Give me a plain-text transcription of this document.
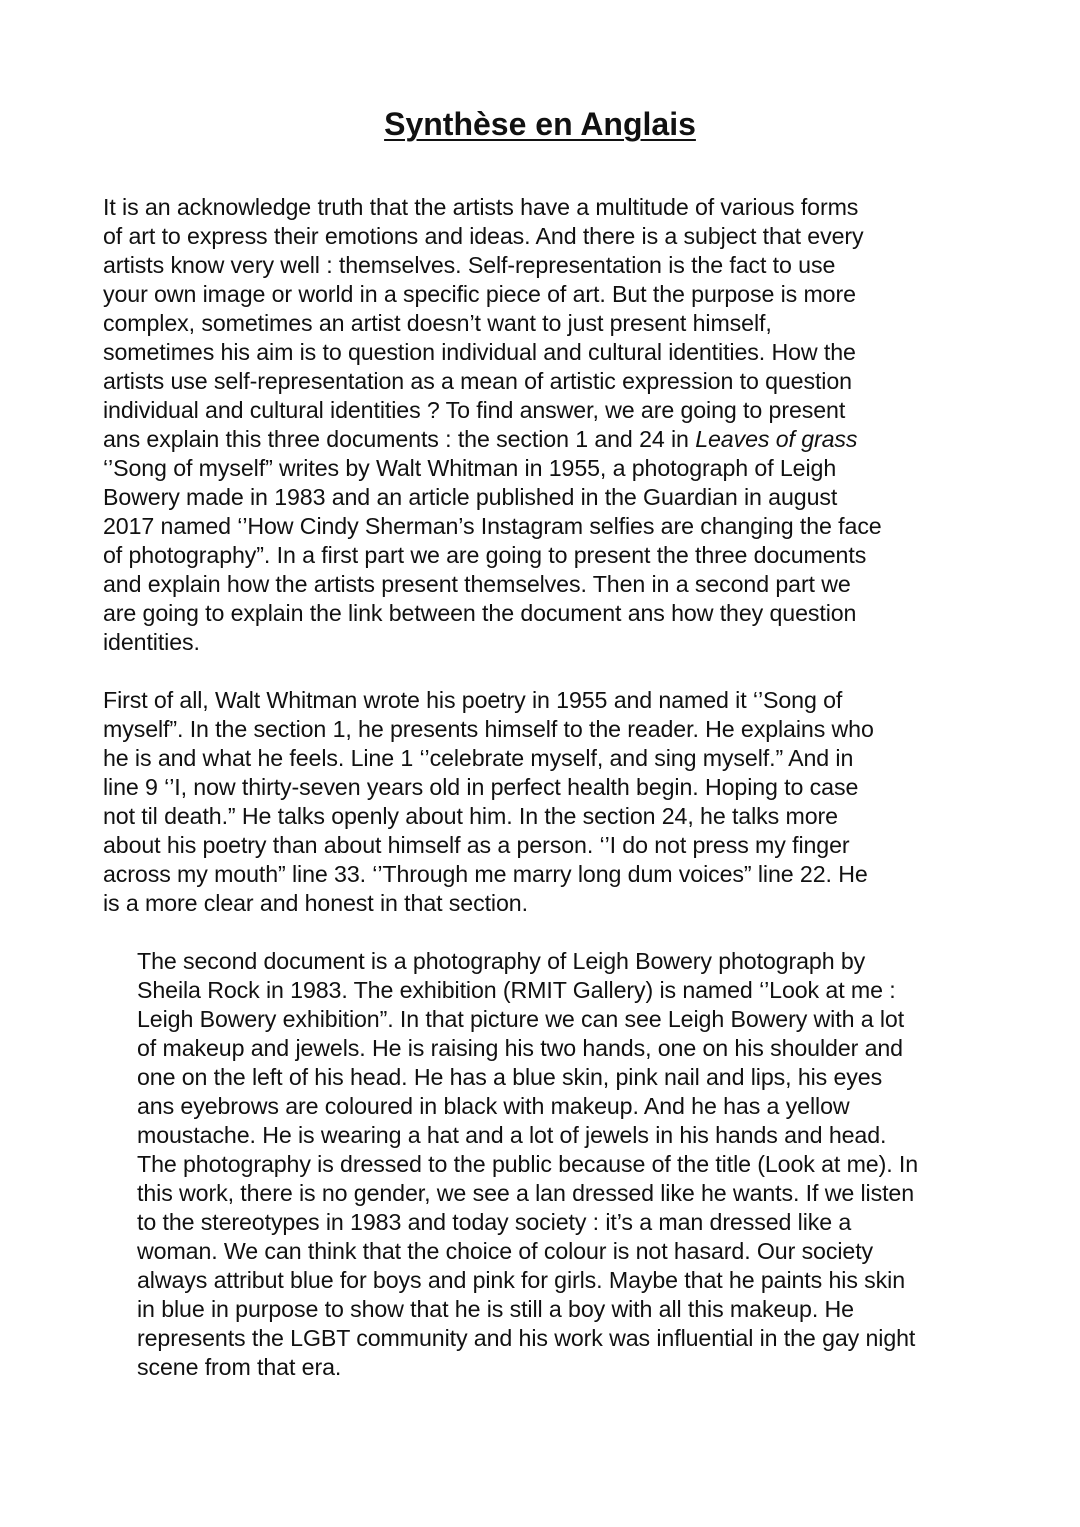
Synthèse en Anglais

It is an acknowledge truth that the artists have a multitude of various forms
of art to express their emotions and ideas. And there is a subject that every
artists know very well : themselves. Self-representation is the fact to use
your own image or world in a specific piece of art. But the purpose is more
complex, sometimes an artist doesn’t want to just present himself,
sometimes his aim is to question individual and cultural identities. How the
artists use self-representation as a mean of artistic expression to question
individual and cultural identities ? To find answer, we are going to present
ans explain this three documents : the section 1 and 24 in Leaves of grass
‘’Song of myself” writes by Walt Whitman in 1955, a photograph of Leigh
Bowery made in 1983 and an article published in the Guardian in august
2017 named ‘’How Cindy Sherman’s Instagram selfies are changing the face
of photography”. In a first part we are going to present the three documents
and explain how the artists present themselves. Then in a second part we
are going to explain the link between the document ans how they question
identities.

First of all, Walt Whitman wrote his poetry in 1955 and named it ‘’Song of
myself”. In the section 1, he presents himself to the reader. He explains who
he is and what he feels. Line 1 ‘’celebrate myself, and sing myself.” And in
line 9 ‘’I, now thirty-seven years old in perfect health begin. Hoping to case
not til death.” He talks openly about him. In the section 24, he talks more
about his poetry than about himself as a person. ‘’I do not press my finger
across my mouth” line 33. ‘’Through me marry long dum voices” line 22. He
is a more clear and honest in that section.

The second document is a photography of Leigh Bowery photograph by
Sheila Rock in 1983. The exhibition (RMIT Gallery) is named ‘’Look at me :
Leigh Bowery exhibition”. In that picture we can see Leigh Bowery with a lot
of makeup and jewels. He is raising his two hands, one on his shoulder and
one on the left of his head. He has a blue skin, pink nail and lips, his eyes
ans eyebrows are coloured in black with makeup. And he has a yellow
moustache. He is wearing a hat and a lot of jewels in his hands and head.
The photography is dressed to the public because of the title (Look at me). In
this work, there is no gender, we see a lan dressed like he wants. If we listen
to the stereotypes in 1983 and today society : it’s a man dressed like a
woman. We can think that the choice of colour is not hasard. Our society
always attribut blue for boys and pink for girls. Maybe that he paints his skin
in blue in purpose to show that he is still a boy with all this makeup. He
represents the LGBT community and his work was influential in the gay night
scene from that era.
